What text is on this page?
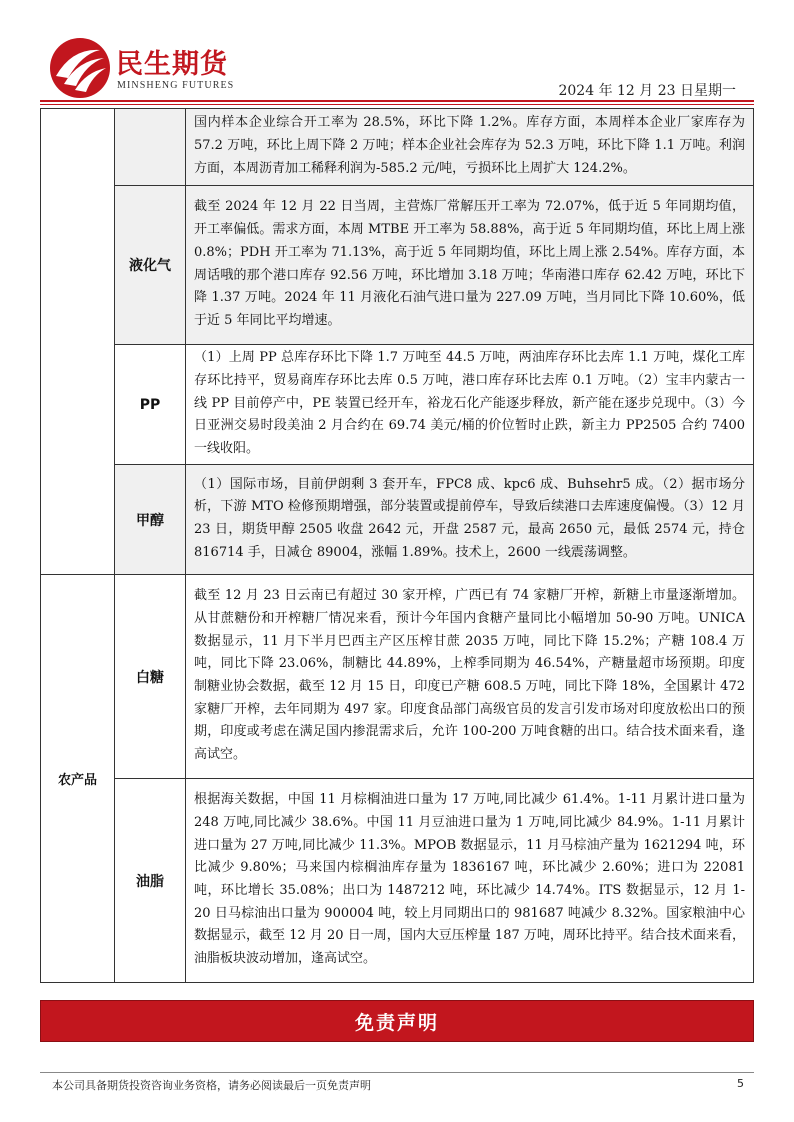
民生期货
MINSHENG FUTURES	2024 年 12 月 23 日星期一
		国内样本企业综合开工率为 28.5%，环比下降 1.2%。库存方面，本周样本企业厂家库存为 57.2 万吨，环比上周下降 2 万吨；样本企业社会库存为 52.3 万吨，环比下降 1.1 万吨。利润方面，本周沥青加工稀释利润为-585.2 元/吨，亏损环比上周扩大 124.2%。
	液化气	截至 2024 年 12 月 22 日当周，主营炼厂常解压开工率为 72.07%，低于近 5 年同期均值，开工率偏低。需求方面，本周 MTBE 开工率为 58.88%，高于近 5 年同期均值，环比上周上涨 0.8%；PDH 开工率为 71.13%，高于近 5 年同期均值，环比上周上涨 2.54%。库存方面，本周话哦的那个港口库存 92.56 万吨，环比增加 3.18 万吨；华南港口库存 62.42 万吨，环比下降 1.37 万吨。2024 年 11 月液化石油气进口量为 227.09 万吨，当月同比下降 10.60%，低于近 5 年同比平均增速。
	PP	（1）上周 PP 总库存环比下降 1.7 万吨至 44.5 万吨，两油库存环比去库 1.1 万吨，煤化工库存环比持平，贸易商库存环比去库 0.5 万吨，港口库存环比去库 0.1 万吨。（2）宝丰内蒙古一线 PP 目前停产中，PE 装置已经开车，裕龙石化产能逐步释放，新产能在逐步兑现中。（3）今日亚洲交易时段美油 2 月合约在 69.74 美元/桶的价位暂时止跌，新主力 PP2505 合约 7400 一线收阳。
	甲醇	（1）国际市场，目前伊朗剩 3 套开车，FPC8 成、kpc6 成、Buhsehr5 成。（2）据市场分析，下游 MTO 检修预期增强，部分装置或提前停车，导致后续港口去库速度偏慢。（3）12 月 23 日，期货甲醇 2505 收盘 2642 元，开盘 2587 元，最高 2650 元，最低 2574 元，持仓 816714 手，日减仓 89004，涨幅 1.89%。技术上，2600 一线震荡调整。
农产品	白糖	截至 12 月 23 日云南已有超过 30 家开榨，广西已有 74 家糖厂开榨，新糖上市量逐渐增加。从甘蔗糖份和开榨糖厂情况来看，预计今年国内食糖产量同比小幅增加 50-90 万吨。UNICA 数据显示，11 月下半月巴西主产区压榨甘蔗 2035 万吨，同比下降 15.2%；产糖 108.4 万吨，同比下降 23.06%，制糖比 44.89%，上榨季同期为 46.54%，产糖量超市场预期。印度制糖业协会数据，截至 12 月 15 日，印度已产糖 608.5 万吨，同比下降 18%，全国累计 472 家糖厂开榨，去年同期为 497 家。印度食品部门高级官员的发言引发市场对印度放松出口的预期，印度或考虑在满足国内掺混需求后，允许 100-200 万吨食糖的出口。结合技术面来看，逢高试空。
	油脂	根据海关数据，中国 11 月棕榈油进口量为 17 万吨,同比减少 61.4%。1-11 月累计进口量为 248 万吨,同比减少 38.6%。中国 11 月豆油进口量为 1 万吨,同比减少 84.9%。1-11 月累计进口量为 27 万吨,同比减少 11.3%。MPOB 数据显示，11 月马棕油产量为 1621294 吨，环比减少 9.80%；马来国内棕榈油库存量为 1836167 吨，环比减少 2.60%；进口为 22081 吨，环比增长 35.08%；出口为 1487212 吨，环比减少 14.74%。ITS 数据显示，12 月 1-20 日马棕油出口量为 900004 吨，较上月同期出口的 981687 吨减少 8.32%。国家粮油中心数据显示，截至 12 月 20 日一周，国内大豆压榨量 187 万吨，周环比持平。结合技术面来看，油脂板块波动增加，逢高试空。
免责声明
本公司具备期货投资咨询业务资格，请务必阅读最后一页免责声明	5
